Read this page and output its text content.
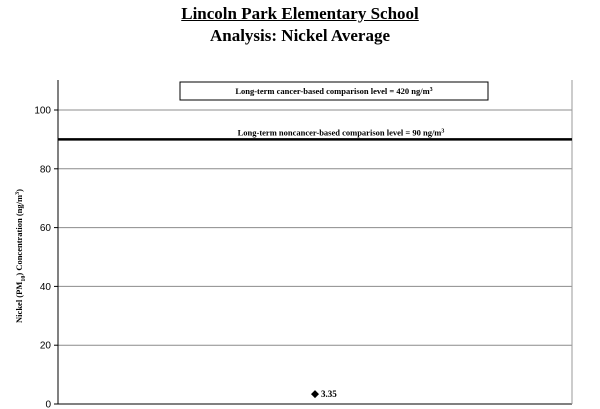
Lincoln Park Elementary School
Analysis: Nickel Average
0
20
40
60
80
100
Nickel $(PM_{10})$ Concentration $(ng/m^3)$
Long-term noncancer-based comparison level = 90 $ng/m^3$
Long-term cancer-based comparison level = 420 $ng/m^3$
3.35
